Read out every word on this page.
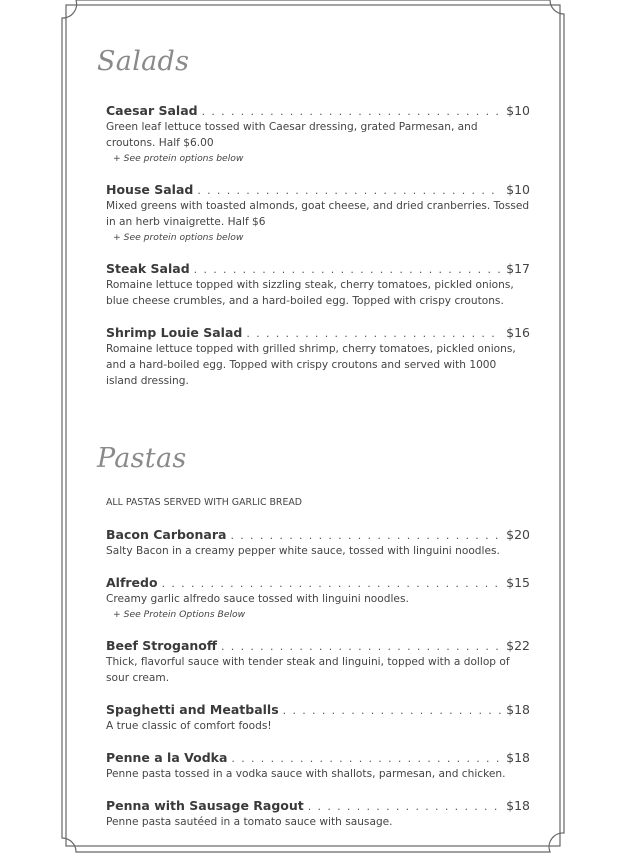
Salads
Caesar Salad . . .	$10
Green leaf lettuce tossed with Caesar dressing, grated Parmesan, and croutons. Half $6.00
+ See protein options below
House Salad . . .	$10
Mixed greens with toasted almonds, goat cheese, and dried cranberries. Tossed in an herb vinaigrette. Half $6
+ See protein options below
Steak Salad . . .	$17
Romaine lettuce topped with sizzling steak, cherry tomatoes, pickled onions, blue cheese crumbles, and a hard-boiled egg. Topped with crispy croutons.
Shrimp Louie Salad . . .	$16
Romaine lettuce topped with grilled shrimp, cherry tomatoes, pickled onions, and a hard-boiled egg. Topped with crispy croutons and served with 1000 island dressing.
Pastas
ALL PASTAS SERVED WITH GARLIC BREAD
Bacon Carbonara . . .	$20
Salty Bacon in a creamy pepper white sauce, tossed with linguini noodles.
Alfredo . . .	$15
Creamy garlic alfredo sauce tossed with linguini noodles.
+ See Protein Options Below
Beef Stroganoff . . .	$22
Thick, flavorful sauce with tender steak and linguini, topped with a dollop of sour cream.
Spaghetti and Meatballs . . .	$18
A true classic of comfort foods!
Penne a la Vodka . . .	$18
Penne pasta tossed in a vodka sauce with shallots, parmesan, and chicken.
Penna with Sausage Ragout . . .	$18
Penne pasta sautéed in a tomato sauce with sausage.
